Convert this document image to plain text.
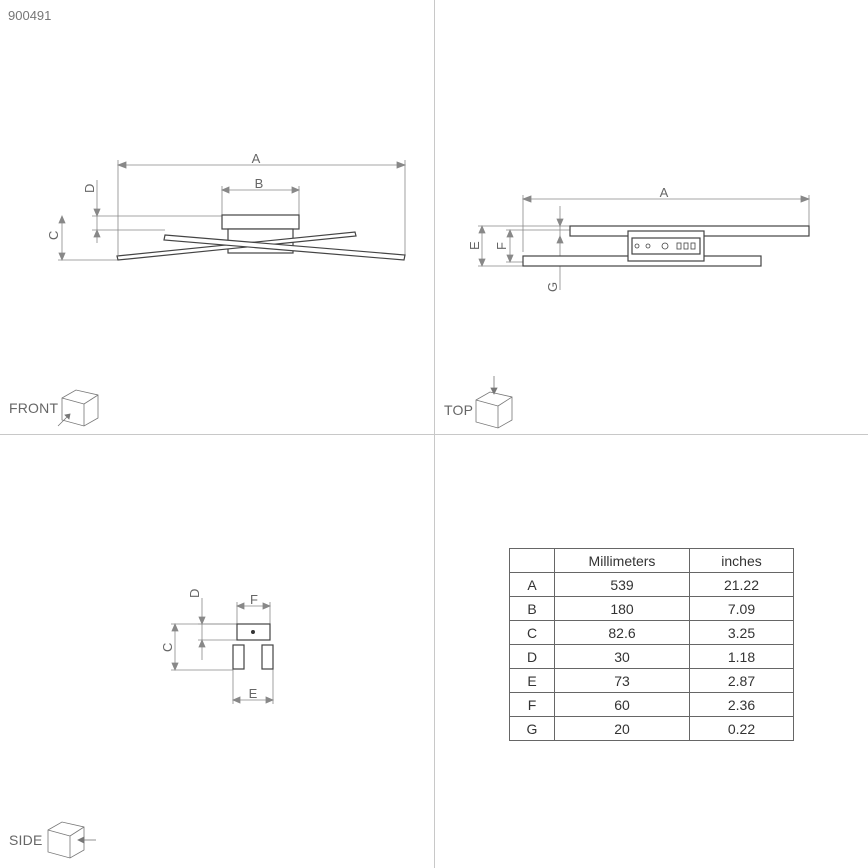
900491
A
B
C
D
FRONT
A
E F
G
TOP
F
D
C
E
SIDE
	Millimeters	inches
A	539	21.22
B	180	7.09
C	82.6	3.25
D	30	1.18
E	73	2.87
F	60	2.36
G	20	0.22
